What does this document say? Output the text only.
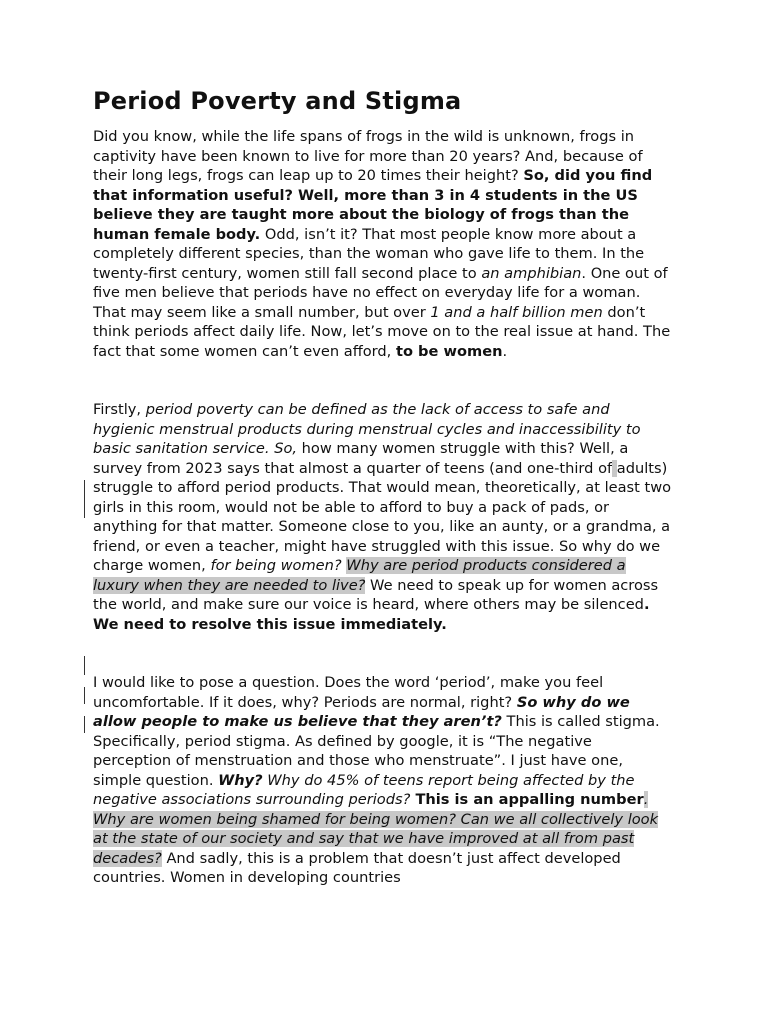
Period Poverty and Stigma

Did you know, while the life spans of frogs in the wild is unknown, frogs in captivity have been known to live for more than 20 years? And, because of their long legs, frogs can leap up to 20 times their height? So, did you find that information useful? Well, more than 3 in 4 students in the US believe they are taught more about the biology of frogs than the human female body. Odd, isn’t it? That most people know more about a completely different species, than the woman who gave life to them. In the twenty-first century, women still fall second place to an amphibian. One out of five men believe that periods have no effect on everyday life for a woman. That may seem like a small number, but over 1 and a half billion men don’t think periods affect daily life. Now, let’s move on to the real issue at hand. The fact that some women can’t even afford, to be women.

Firstly, period poverty can be defined as the lack of access to safe and hygienic menstrual products during menstrual cycles and inaccessibility to basic sanitation service. So, how many women struggle with this? Well, a survey from 2023 says that almost a quarter of teens (and one-third of adults) struggle to afford period products. That would mean, theoretically, at least two girls in this room, would not be able to afford to buy a pack of pads, or anything for that matter. Someone close to you, like an aunty, or a grandma, a friend, or even a teacher, might have struggled with this issue. So why do we charge women, for being women? Why are period products considered a luxury when they are needed to live? We need to speak up for women across the world, and make sure our voice is heard, where others may be silenced. We need to resolve this issue immediately.

I would like to pose a question. Does the word ‘period’, make you feel uncomfortable. If it does, why? Periods are normal, right? So why do we allow people to make us believe that they aren’t? This is called stigma. Specifically, period stigma. As defined by google, it is “The negative perception of menstruation and those who menstruate”. I just have one, simple question. Why? Why do 45% of teens report being affected by the negative associations surrounding periods? This is an appalling number. Why are women being shamed for being women? Can we all collectively look at the state of our society and say that we have improved at all from past decades? And sadly, this is a problem that doesn’t just affect developed countries. Women in developing countries
